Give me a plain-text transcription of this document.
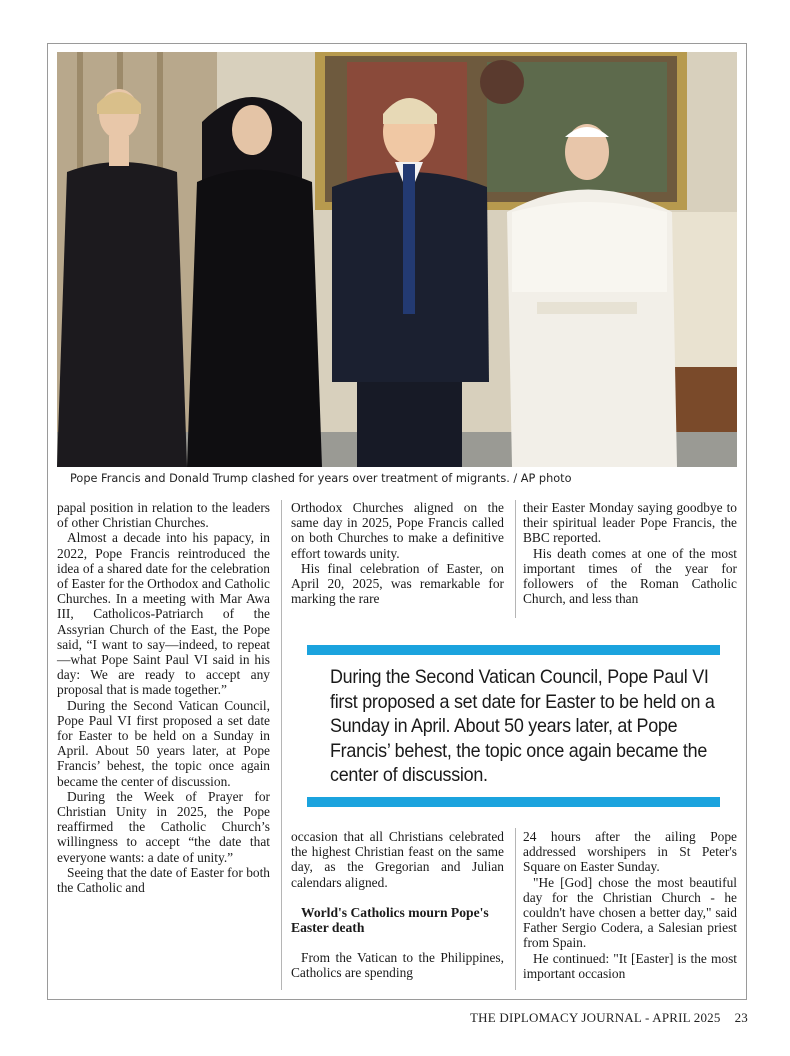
Pope Francis and Donald Trump clashed for years over treatment of migrants. / AP photo

papal position in relation to the leaders of other Christian Churches.

Almost a decade into his papacy, in 2022, Pope Francis reintroduced the idea of a shared date for the celebration of Easter for the Orthodox and Catholic Churches. In a meeting with Mar Awa III, Catholicos-Patriarch of the Assyrian Church of the East, the Pope said, “I want to say—indeed, to repeat—what Pope Saint Paul VI said in his day: We are ready to accept any proposal that is made together.”

During the Second Vatican Council, Pope Paul VI first proposed a set date for Easter to be held on a Sunday in April. About 50 years later, at Pope Francis’ behest, the topic once again became the center of discussion.

During the Week of Prayer for Christian Unity in 2025, the Pope reaffirmed the Catholic Church’s willingness to accept “the date that everyone wants: a date of unity.”

Seeing that the date of Easter for both the Catholic and

Orthodox Churches aligned on the same day in 2025, Pope Francis called on both Churches to make a definitive effort towards unity.

His final celebration of Easter, on April 20, 2025, was remarkable for marking the rare

their Easter Monday saying goodbye to their spiritual leader Pope Francis, the BBC reported.

His death comes at one of the most important times of the year for followers of the Roman Catholic Church, and less than

During the Second Vatican Council, Pope Paul VI first proposed a set date for Easter to be held on a Sunday in April. About 50 years later, at Pope Francis’ behest, the topic once again became the center of discussion.

occasion that all Christians celebrated the highest Christian feast on the same day, as the Gregorian and Julian calendars aligned.

World's Catholics mourn Pope's Easter death

From the Vatican to the Philippines, Catholics are spending

24 hours after the ailing Pope addressed worshipers in St Peter's Square on Easter Sunday.

"He [God] chose the most beautiful day for the Christian Church - he couldn't have chosen a better day," said Father Sergio Codera, a Salesian priest from Spain.

He continued: "It [Easter] is the most important occasion

THE DIPLOMACY JOURNAL - APRIL 2025 23
